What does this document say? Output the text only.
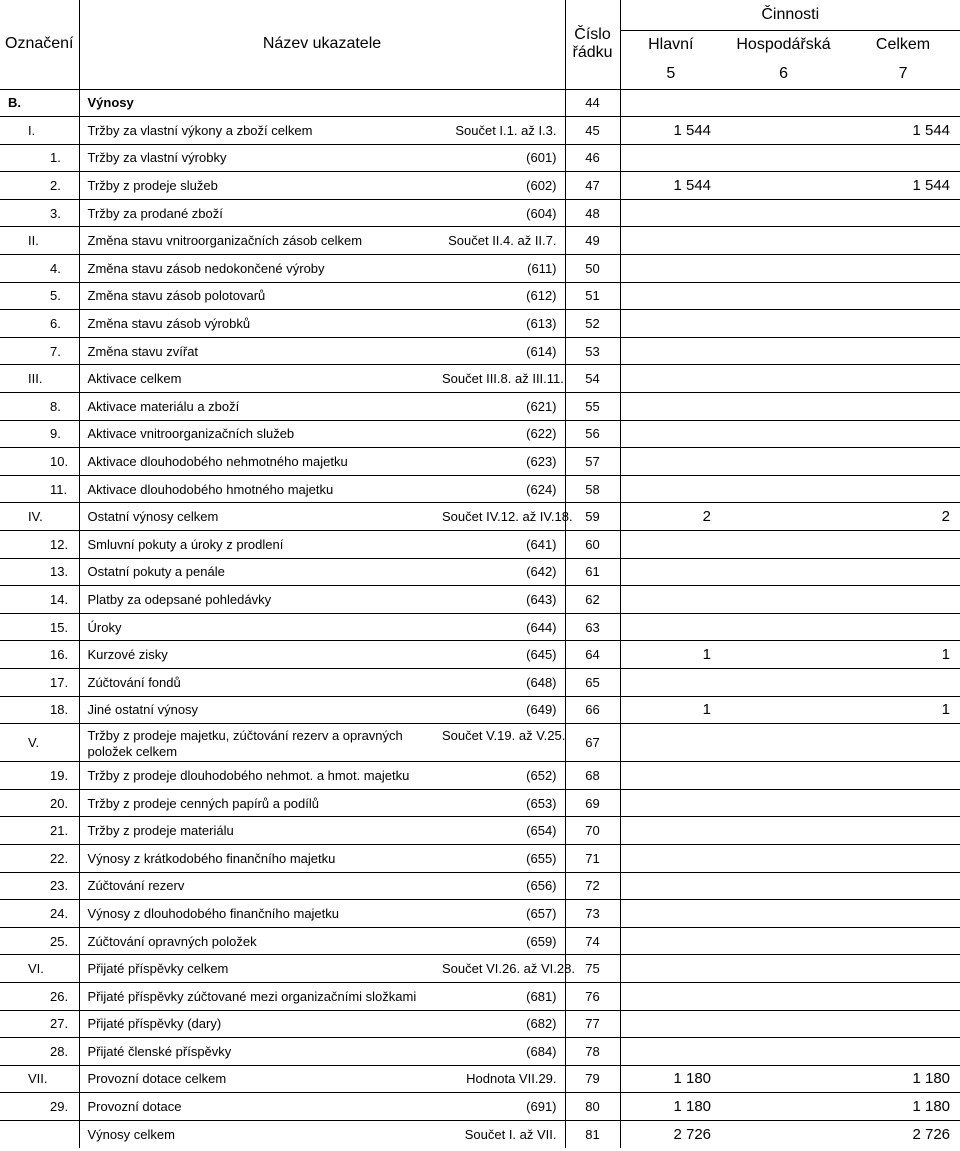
Označení	Název ukazatele		Číslo řádku	Činnosti		
				Hlavní	Hospodářská	Celkem
				5	6	7
B.	Výnosy		44			
I.	Tržby za vlastní výkony a zboží celkem	Součet I.1. až I.3.	45	1 544		1 544
1.	Tržby za vlastní výrobky	(601)	46			
2.	Tržby z prodeje služeb	(602)	47	1 544		1 544
3.	Tržby za prodané zboží	(604)	48			
II.	Změna stavu vnitroorganizačních zásob celkem	Součet II.4. až II.7.	49			
4.	Změna stavu zásob nedokončené výroby	(611)	50			
5.	Změna stavu zásob polotovarů	(612)	51			
6.	Změna stavu zásob výrobků	(613)	52			
7.	Změna stavu zvířat	(614)	53			
III.	Aktivace celkem	Součet III.8. až III.11.	54			
8.	Aktivace materiálu a zboží	(621)	55			
9.	Aktivace vnitroorganizačních služeb	(622)	56			
10.	Aktivace dlouhodobého nehmotného majetku	(623)	57			
11.	Aktivace dlouhodobého hmotného majetku	(624)	58			
IV.	Ostatní výnosy celkem	Součet IV.12. až IV.18.	59	2		2
12.	Smluvní pokuty a úroky z prodlení	(641)	60			
13.	Ostatní pokuty a penále	(642)	61			
14.	Platby za odepsané pohledávky	(643)	62			
15.	Úroky	(644)	63			
16.	Kurzové zisky	(645)	64	1		1
17.	Zúčtování fondů	(648)	65			
18.	Jiné ostatní výnosy	(649)	66	1		1
V.	Tržby z prodeje majetku, zúčtování rezerv a opravných položek celkem	Součet V.19. až V.25.	67			
19.	Tržby z prodeje dlouhodobého nehmot. a hmot. majetku	(652)	68			
20.	Tržby z prodeje cenných papírů a podílů	(653)	69			
21.	Tržby z prodeje materiálu	(654)	70			
22.	Výnosy z krátkodobého finančního majetku	(655)	71			
23.	Zúčtování rezerv	(656)	72			
24.	Výnosy z dlouhodobého finančního majetku	(657)	73			
25.	Zúčtování opravných položek	(659)	74			
VI.	Přijaté příspěvky celkem	Součet VI.26. až VI.28.	75			
26.	Přijaté příspěvky zúčtované mezi organizačními složkami	(681)	76			
27.	Přijaté příspěvky (dary)	(682)	77			
28.	Přijaté členské příspěvky	(684)	78			
VII.	Provozní dotace celkem	Hodnota VII.29.	79	1 180		1 180
29.	Provozní dotace	(691)	80	1 180		1 180
	Výnosy celkem	Součet I. až VII.	81	2 726		2 726
